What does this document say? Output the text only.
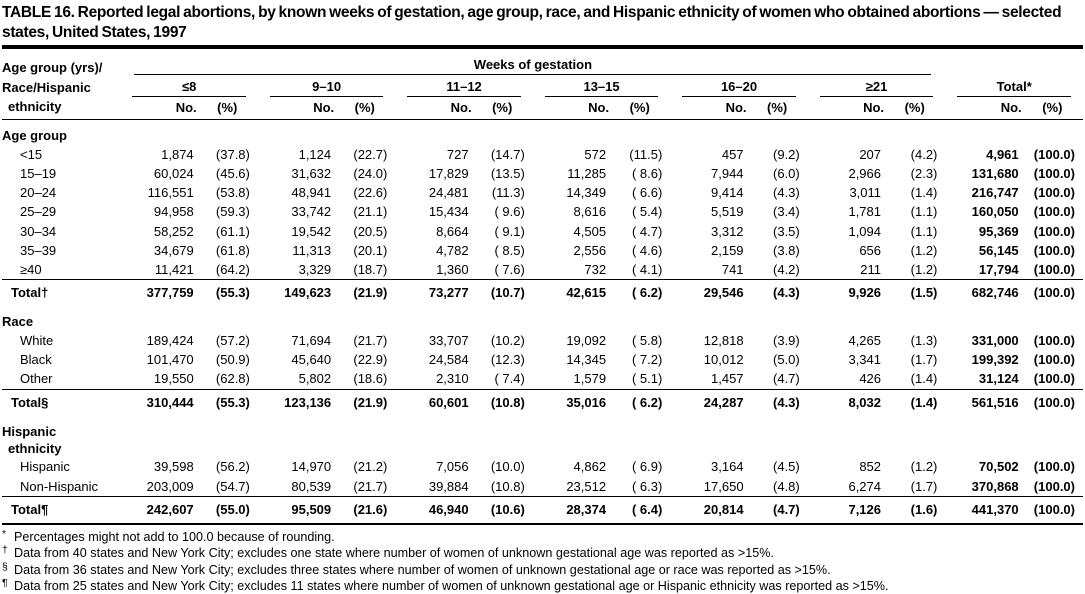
TABLE 16. Reported legal abortions, by known weeks of gestation, age group, race, and Hispanic ethnicity of women who obtained abortions — selected states, United States, 1997
Age group (yrs)/
Race/Hispanic
ethnicity	Weeks of gestation													

	≤8		9–10		11–12		13–15		16–20		≥21		Total*	

	No.	(%)	No.	(%)	No.	(%)	No.	(%)	No.	(%)	No.	(%)	No.	(%)

Age group														

<15	1,874	(37.8)	1,124	(22.7)	727	(14.7)	572	(11.5)	457	(9.2)	207	(4.2)	4,961	(100.0)
15–19	60,024	(45.6)	31,632	(24.0)	17,829	(13.5)	11,285	( 8.6)	7,944	(6.0)	2,966	(2.3)	131,680	(100.0)
20–24	116,551	(53.8)	48,941	(22.6)	24,481	(11.3)	14,349	( 6.6)	9,414	(4.3)	3,011	(1.4)	216,747	(100.0)
25–29	94,958	(59.3)	33,742	(21.1)	15,434	( 9.6)	8,616	( 5.4)	5,519	(3.4)	1,781	(1.1)	160,050	(100.0)
30–34	58,252	(61.1)	19,542	(20.5)	8,664	( 9.1)	4,505	( 4.7)	3,312	(3.5)	1,094	(1.1)	95,369	(100.0)
35–39	34,679	(61.8)	11,313	(20.1)	4,782	( 8.5)	2,556	( 4.6)	2,159	(3.8)	656	(1.2)	56,145	(100.0)
≥40	11,421	(64.2)	3,329	(18.7)	1,360	( 7.6)	732	( 4.1)	741	(4.2)	211	(1.2)	17,794	(100.0)
Total†	377,759	(55.3)	149,623	(21.9)	73,277	(10.7)	42,615	( 6.2)	29,546	(4.3)	9,926	(1.5)	682,746	(100.0)

Race														

White	189,424	(57.2)	71,694	(21.7)	33,707	(10.2)	19,092	( 5.8)	12,818	(3.9)	4,265	(1.3)	331,000	(100.0)
Black	101,470	(50.9)	45,640	(22.9)	24,584	(12.3)	14,345	( 7.2)	10,012	(5.0)	3,341	(1.7)	199,392	(100.0)
Other	19,550	(62.8)	5,802	(18.6)	2,310	( 7.4)	1,579	( 5.1)	1,457	(4.7)	426	(1.4)	31,124	(100.0)
Total§	310,444	(55.3)	123,136	(21.9)	60,601	(10.8)	35,016	( 6.2)	24,287	(4.3)	8,032	(1.4)	561,516	(100.0)

Hispanic
ethnicity														

Hispanic	39,598	(56.2)	14,970	(21.2)	7,056	(10.0)	4,862	( 6.9)	3,164	(4.5)	852	(1.2)	70,502	(100.0)
Non-Hispanic	203,009	(54.7)	80,539	(21.7)	39,884	(10.8)	23,512	( 6.3)	17,650	(4.8)	6,274	(1.7)	370,868	(100.0)
Total¶	242,607	(55.0)	95,509	(21.6)	46,940	(10.6)	28,374	( 6.4)	20,814	(4.7)	7,126	(1.6)	441,370	(100.0)
* Percentages might not add to 100.0 because of rounding.
† Data from 40 states and New York City; excludes one state where number of women of unknown gestational age was reported as >15%.
§ Data from 36 states and New York City; excludes three states where number of women of unknown gestational age or race was reported as >15%.
¶ Data from 25 states and New York City; excludes 11 states where number of women of unknown gestational age or Hispanic ethnicity was reported as >15%.
